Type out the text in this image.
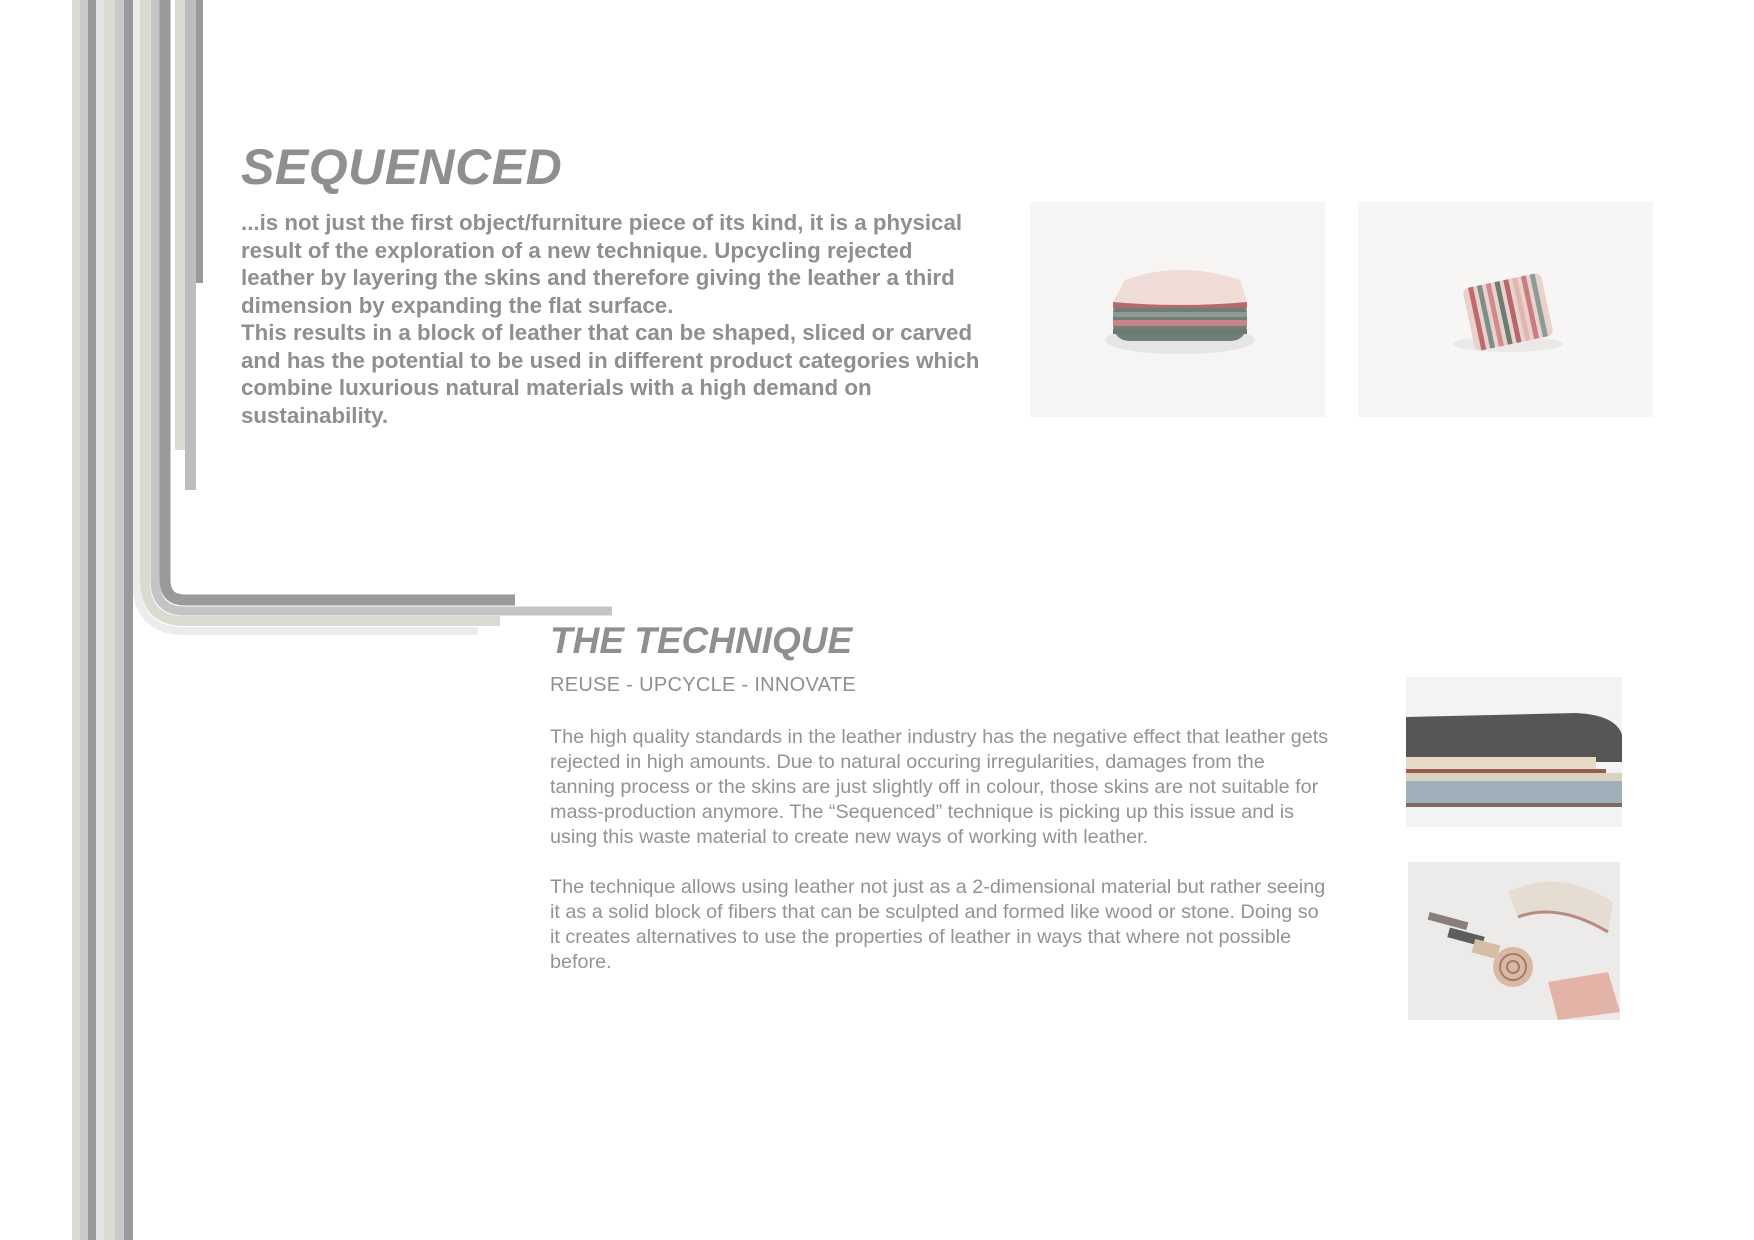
SEQUENCED

...is not just the first object/furniture piece of its kind, it is a physical result of the exploration of a new technique. Upcycling rejected leather by layering the skins and therefore giving the leather a third dimension by expanding the flat surface.

This results in a block of leather that can be shaped, sliced or carved and has the potential to be used in different product categories which combine luxurious natural materials with a high demand on sustainability.

THE TECHNIQUE
REUSE - UPCYCLE - INNOVATE

The high quality standards in the leather industry has the negative effect that leather gets rejected in high amounts. Due to natural occuring irregularities, damages from the tanning process or the skins are just slightly off in colour, those skins are not suitable for mass-production anymore. The “Sequenced” technique is picking up this issue and is using this waste material to create new ways of working with leather.

The technique allows using leather not just as a 2-dimensional material but rather seeing it as a solid block of fibers that can be sculpted and formed like wood or stone. Doing so it creates alternatives to use the properties of leather in ways that where not possible before.
